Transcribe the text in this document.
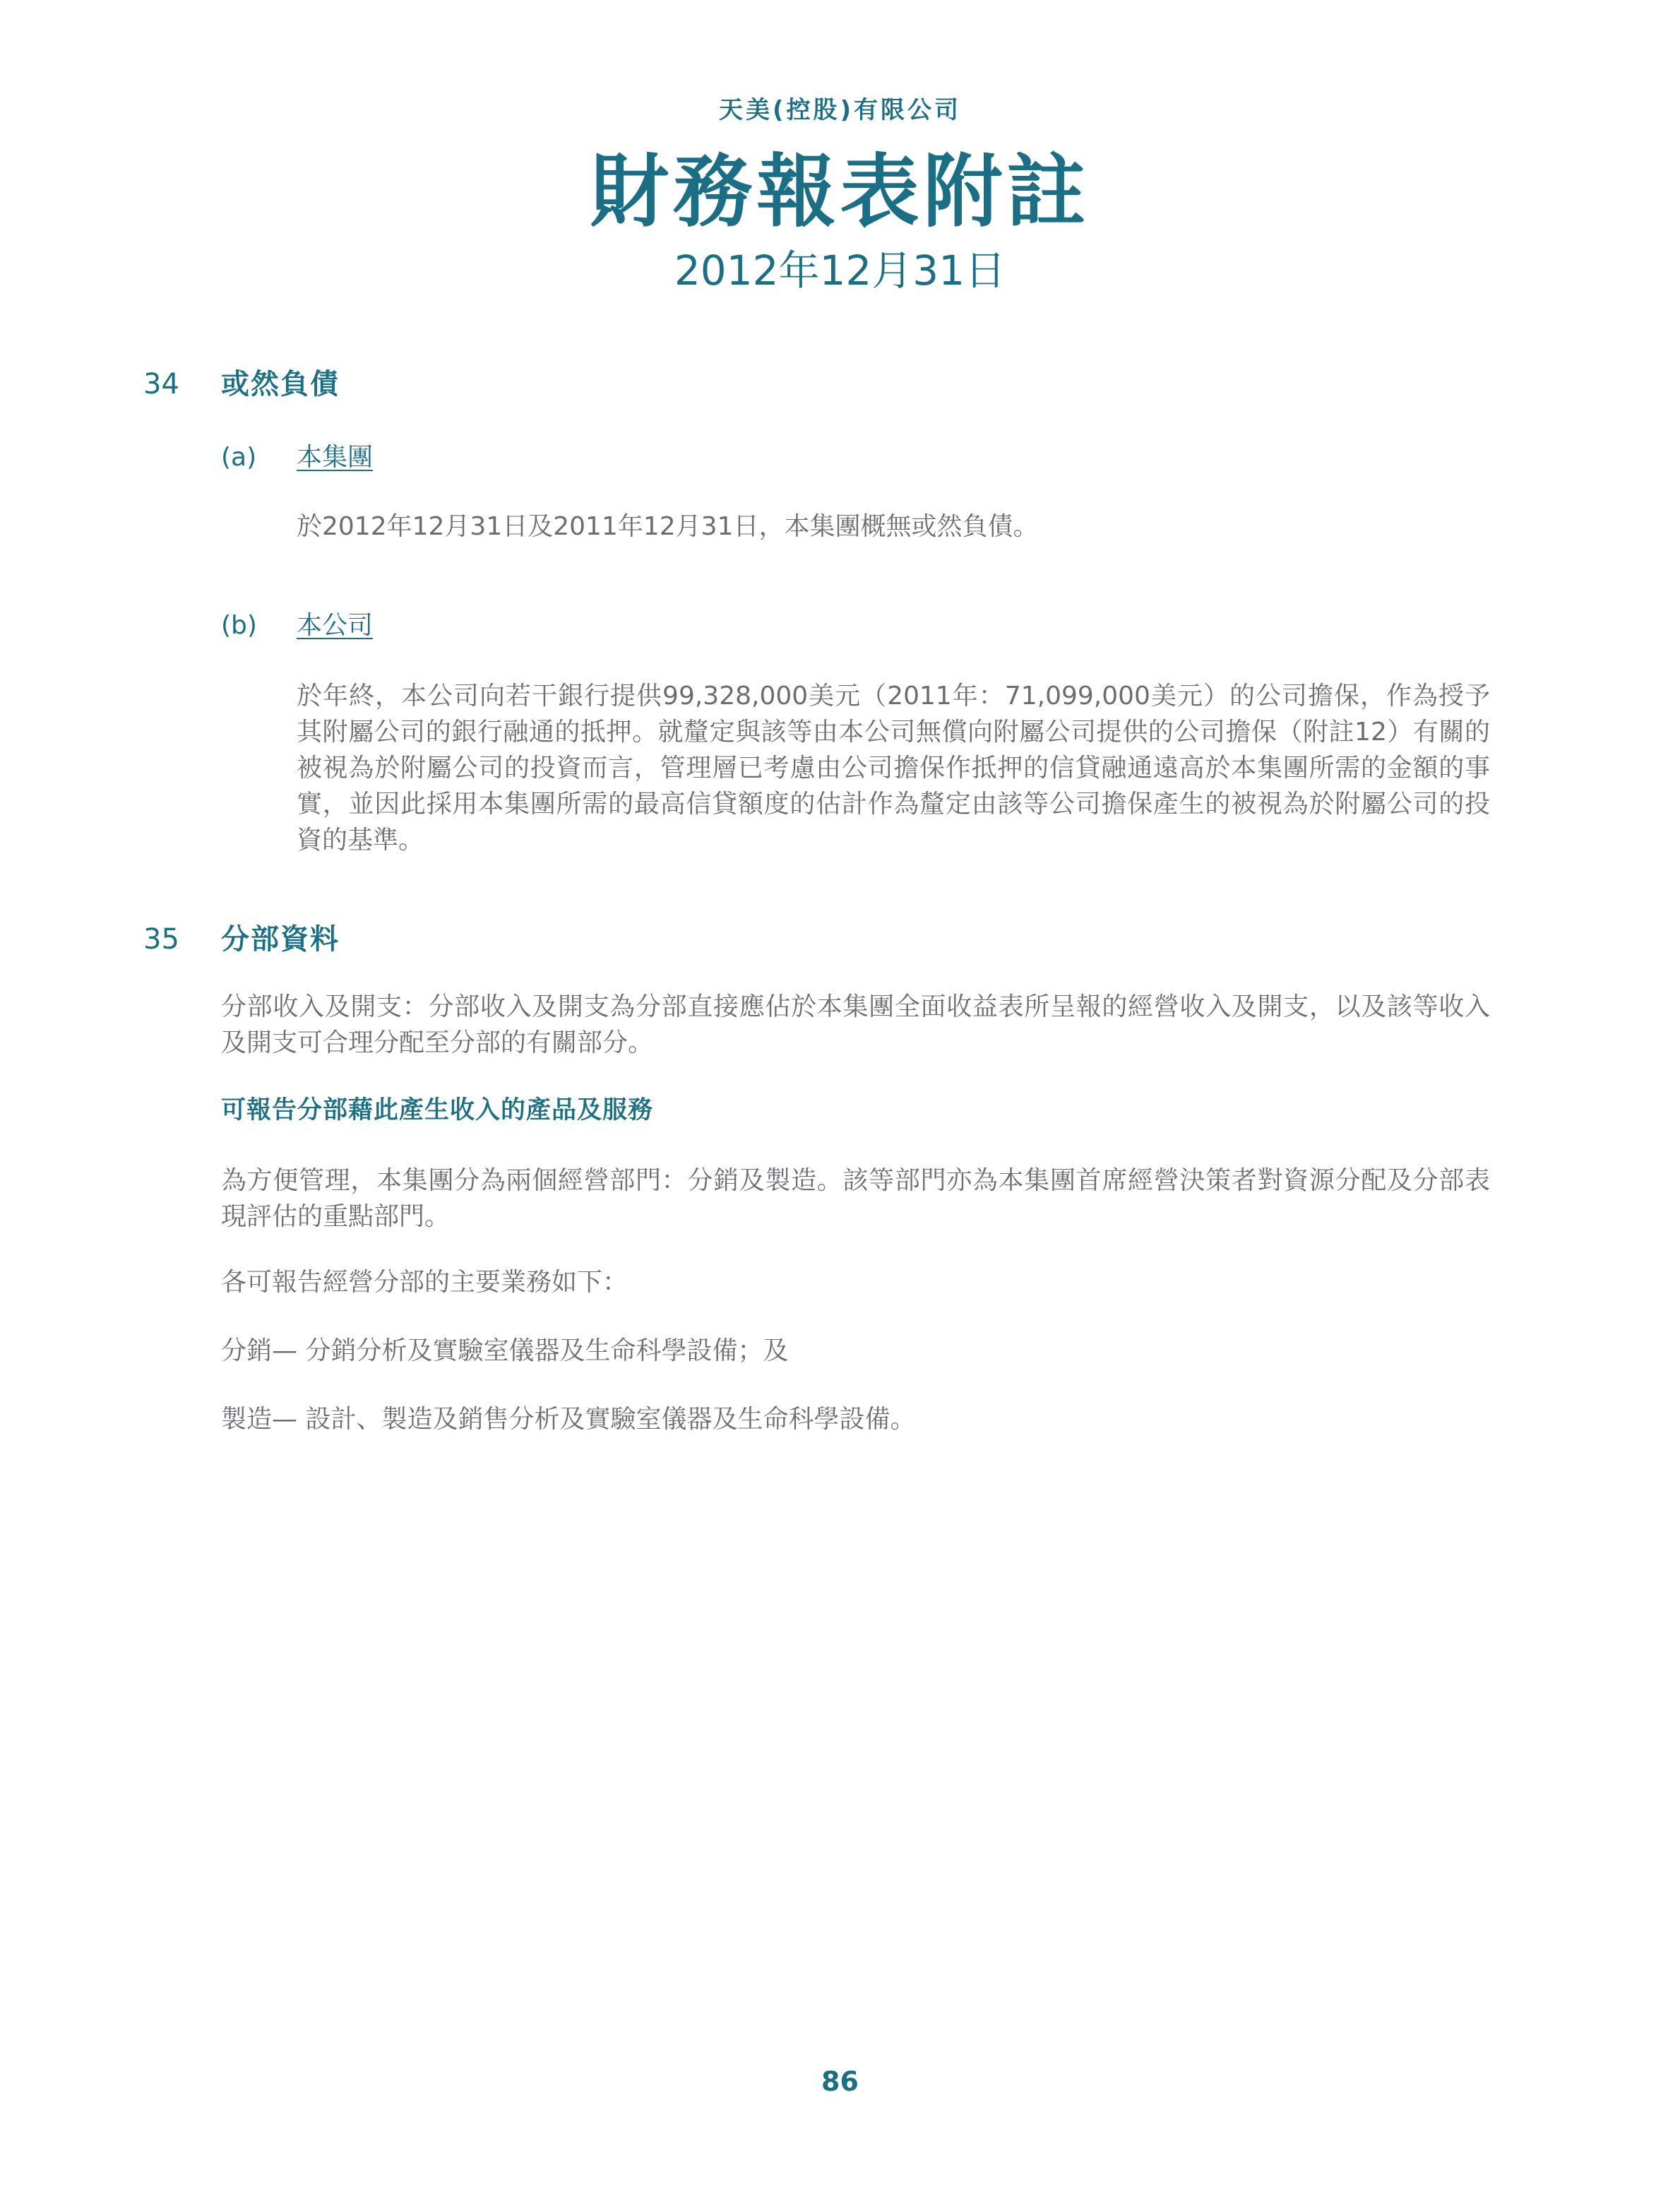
天美(控股)有限公司
財務報表附註
2012年12月31日
34 或然負債
(a) 本集團
於2012年12月31日及2011年12月31日，本集團概無或然負債。
(b) 本公司
於年終，本公司向若干銀行提供99,328,000美元（2011年：71,099,000美元）的公司擔保，作為授予其附屬公司的銀行融通的抵押。就釐定與該等由本公司無償向附屬公司提供的公司擔保（附註12）有關的被視為於附屬公司的投資而言，管理層已考慮由公司擔保作抵押的信貸融通遠高於本集團所需的金額的事實，並因此採用本集團所需的最高信貸額度的估計作為釐定由該等公司擔保產生的被視為於附屬公司的投資的基準。
35 分部資料
分部收入及開支：分部收入及開支為分部直接應佔於本集團全面收益表所呈報的經營收入及開支，以及該等收入及開支可合理分配至分部的有關部分。
可報告分部藉此產生收入的產品及服務
為方便管理，本集團分為兩個經營部門：分銷及製造。該等部門亦為本集團首席經營決策者對資源分配及分部表現評估的重點部門。
各可報告經營分部的主要業務如下：
分銷— 分銷分析及實驗室儀器及生命科學設備；及
製造— 設計、製造及銷售分析及實驗室儀器及生命科學設備。
86
